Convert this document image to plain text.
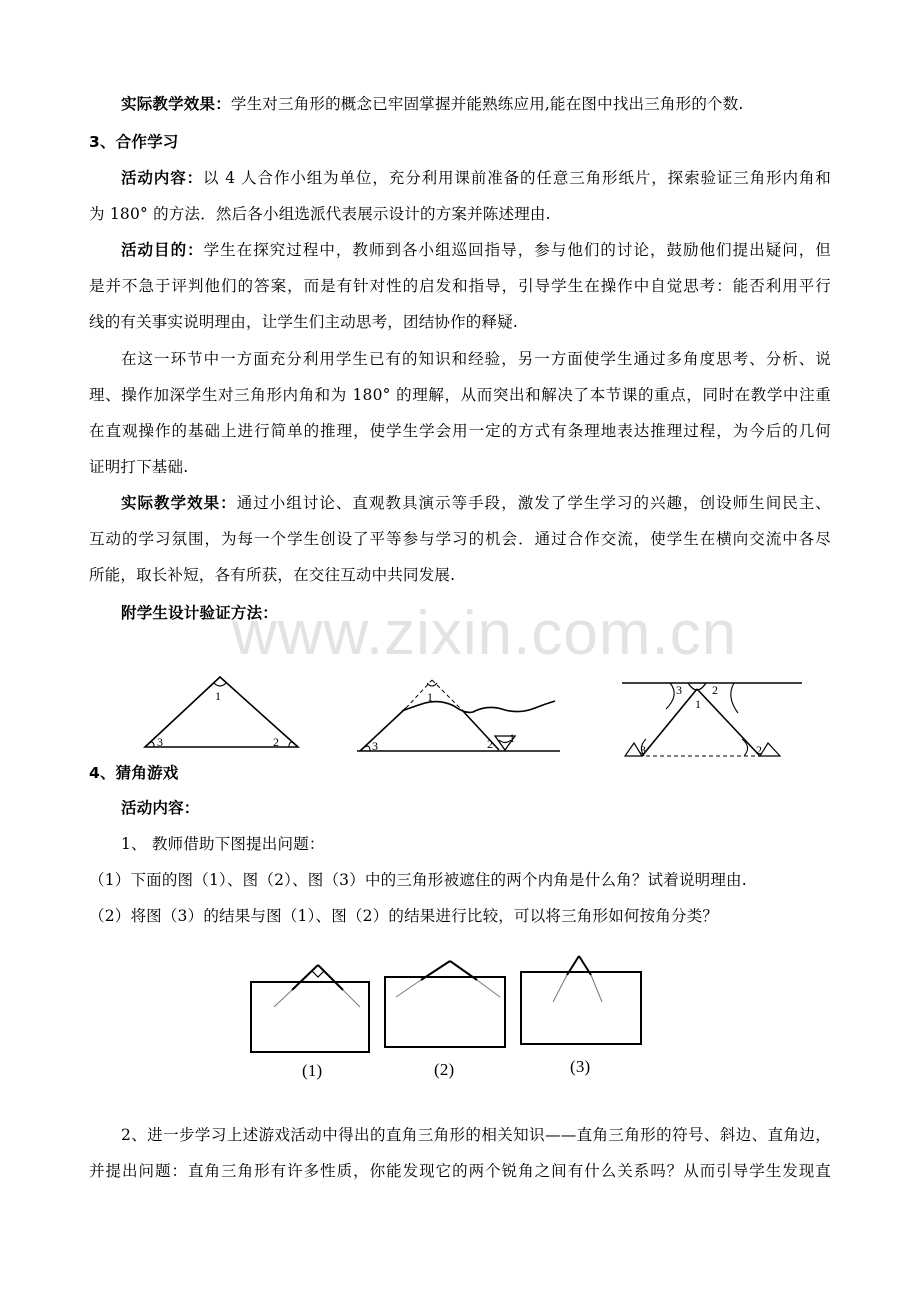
www.zixin.com.cn
实际教学效果：学生对三角形的概念已牢固掌握并能熟练应用,能在图中找出三角形的个数.
3、合作学习
活动内容：以 4 人合作小组为单位，充分利用课前准备的任意三角形纸片，探索验证三角形内角和
为 180° 的方法．然后各小组选派代表展示设计的方案并陈述理由.
活动目的：学生在探究过程中，教师到各小组巡回指导，参与他们的讨论，鼓励他们提出疑问，但
是并不急于评判他们的答案，而是有针对性的启发和指导，引导学生在操作中自觉思考：能否利用平行
线的有关事实说明理由，让学生们主动思考，团结协作的释疑.
在这一环节中一方面充分利用学生已有的知识和经验，另一方面使学生通过多角度思考、分析、说
理、操作加深学生对三角形内角和为 180° 的理解，从而突出和解决了本节课的重点，同时在教学中注重
在直观操作的基础上进行简单的推理，使学生学会用一定的方式有条理地表达推理过程，为今后的几何
证明打下基础.
实际教学效果：通过小组讨论、直观教具演示等手段，激发了学生学习的兴趣，创设师生间民主、
互动的学习氛围，为每一个学生创设了平等参与学习的机会．通过合作交流，使学生在横向交流中各尽
所能，取长补短，各有所获，在交往互动中共同发展.
附学生设计验证方法：
1
3	2
1
3	2 1
3	2
1
3	2
4、猜角游戏
活动内容：
1、 教师借助下图提出问题：
（1）下面的图（1）、图（2）、图（3）中的三角形被遮住的两个内角是什么角？试着说明理由.
（2）将图（3）的结果与图（1）、图（2）的结果进行比较，可以将三角形如何按角分类？
(1)	(2)	(3)
2、进一步学习上述游戏活动中得出的直角三角形的相关知识——直角三角形的符号、斜边、直角边，
并提出问题：直角三角形有许多性质，你能发现它的两个锐角之间有什么关系吗？从而引导学生发现直
